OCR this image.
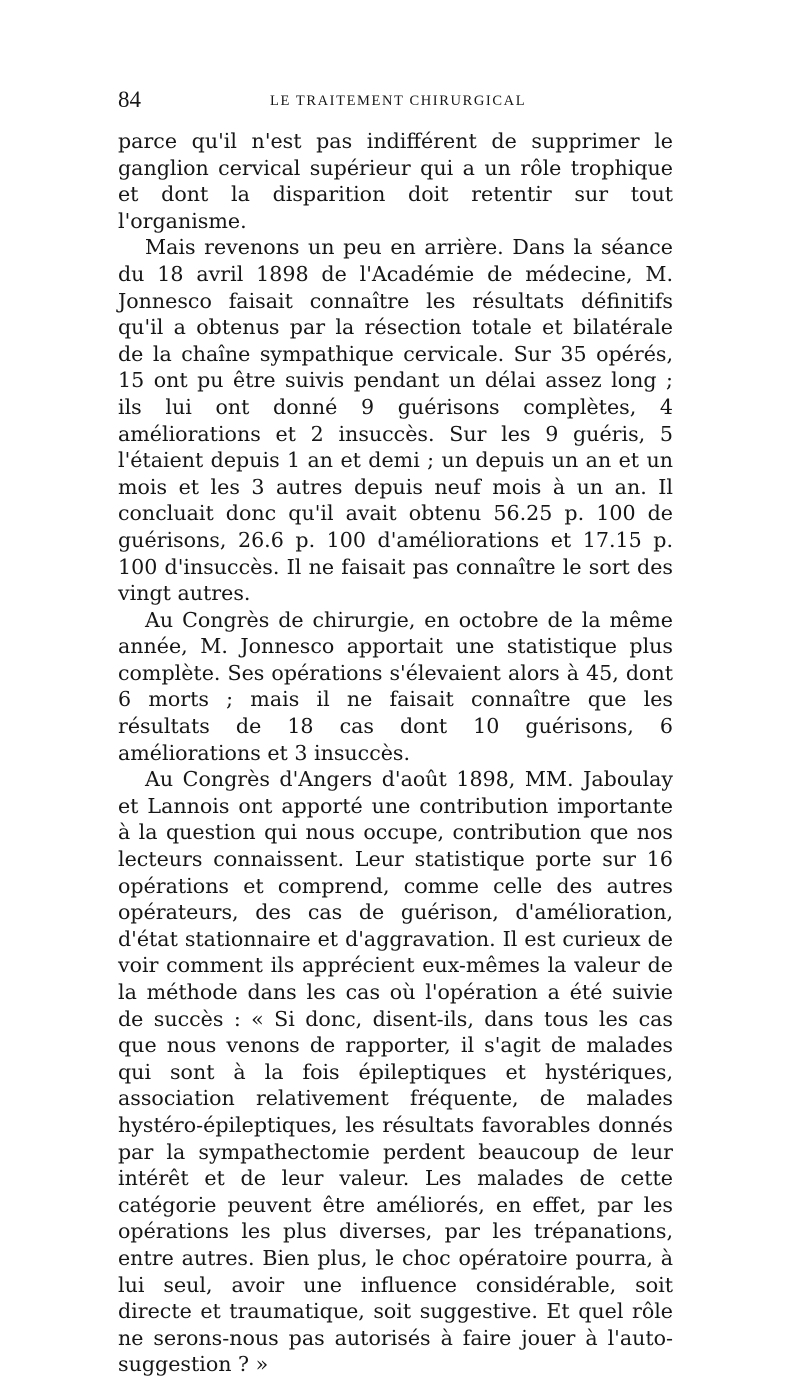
84	LE TRAITEMENT CHIRURGICAL

parce qu'il n'est pas indifférent de supprimer le ganglion cervical supérieur qui a un rôle trophique et dont la disparition doit retentir sur tout l'organisme.

Mais revenons un peu en arrière. Dans la séance du 18 avril 1898 de l'Académie de médecine, M. Jonnesco faisait connaître les résultats définitifs qu'il a obtenus par la résection totale et bilatérale de la chaîne sympathique cervicale. Sur 35 opérés, 15 ont pu être suivis pendant un délai assez long ; ils lui ont donné 9 guérisons complètes, 4 améliorations et 2 insuccès. Sur les 9 guéris, 5 l'étaient depuis 1 an et demi ; un depuis un an et un mois et les 3 autres depuis neuf mois à un an. Il concluait donc qu'il avait obtenu 56.25 p. 100 de guérisons, 26.6 p. 100 d'améliorations et 17.15 p. 100 d'insuccès. Il ne faisait pas connaître le sort des vingt autres.

Au Congrès de chirurgie, en octobre de la même année, M. Jonnesco apportait une statistique plus complète. Ses opérations s'élevaient alors à 45, dont 6 morts ; mais il ne faisait connaître que les résultats de 18 cas dont 10 guérisons, 6 améliorations et 3 insuccès.

Au Congrès d'Angers d'août 1898, MM. Jaboulay et Lannois ont apporté une contribution importante à la question qui nous occupe, contribution que nos lecteurs connaissent. Leur statistique porte sur 16 opérations et comprend, comme celle des autres opérateurs, des cas de guérison, d'amélioration, d'état stationnaire et d'aggravation. Il est curieux de voir comment ils apprécient eux-mêmes la valeur de la méthode dans les cas où l'opération a été suivie de succès : « Si donc, disent-ils, dans tous les cas que nous venons de rapporter, il s'agit de malades qui sont à la fois épileptiques et hystériques, association relativement fréquente, de malades hystéro-épileptiques, les résultats favorables donnés par la sympathectomie perdent beaucoup de leur intérêt et de leur valeur. Les malades de cette catégorie peuvent être améliorés, en effet, par les opérations les plus diverses, par les trépanations, entre autres. Bien plus, le choc opératoire pourra, à lui seul, avoir une influence considérable, soit directe et traumatique, soit suggestive. Et quel rôle ne serons-nous pas autorisés à faire jouer à l'auto-suggestion ? »
